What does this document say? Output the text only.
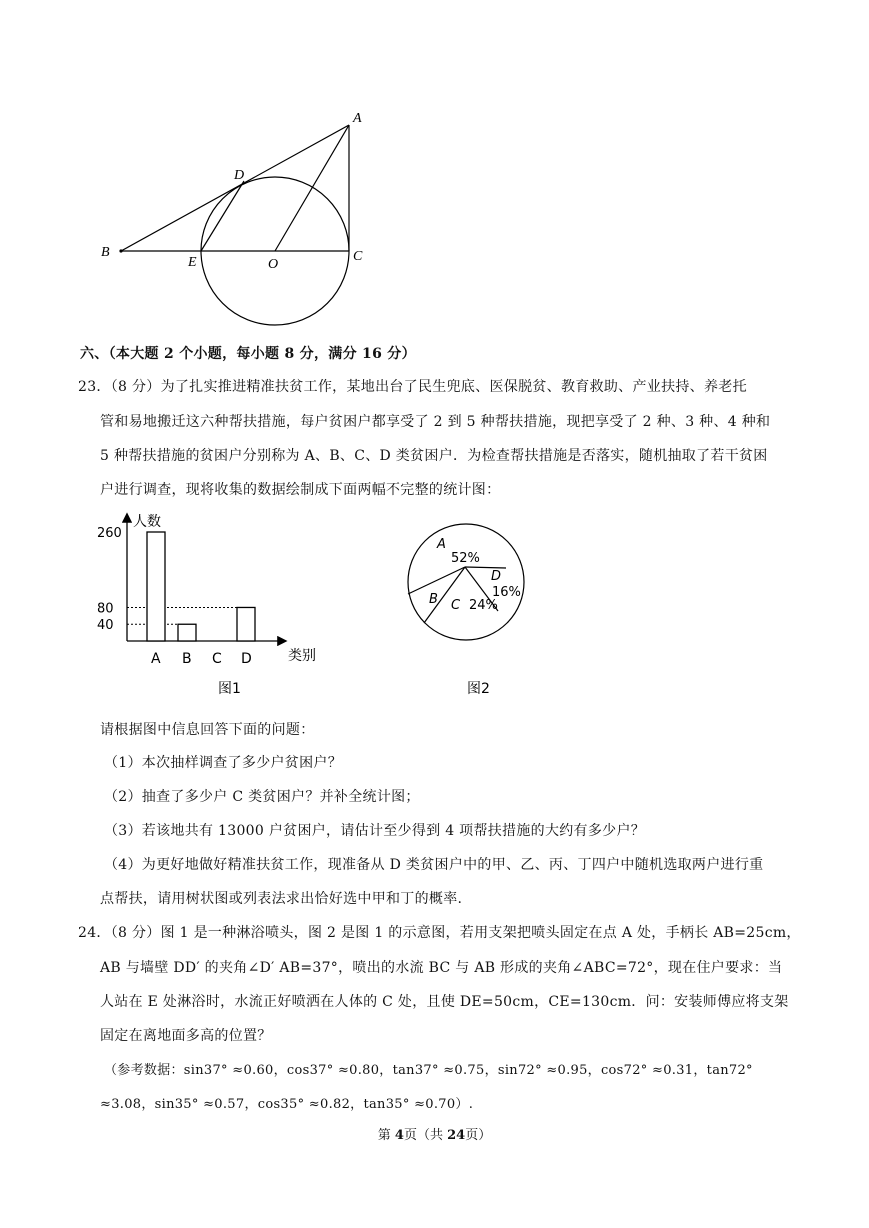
A
B	C
D
E	O
六、（本大题 2 个小题，每小题 8 分，满分 16 分）
23．（8 分）为了扎实推进精准扶贫工作，某地出台了民生兜底、医保脱贫、教育救助、产业扶持、养老托
管和易地搬迁这六种帮扶措施，每户贫困户都享受了 2 到 5 种帮扶措施，现把享受了 2 种、3 种、4 种和
5 种帮扶措施的贫困户分别称为 A、B、C、D 类贫困户．为检查帮扶措施是否落实，随机抽取了若干贫困
户进行调查，现将收集的数据绘制成下面两幅不完整的统计图：
人数
类别
40
80
260
A B C D
图1
A
52%
D
16%
C 24%
B
图2
请根据图中信息回答下面的问题：
（1）本次抽样调查了多少户贫困户？
（2）抽查了多少户 C 类贫困户？并补全统计图；
（3）若该地共有 13000 户贫困户，请估计至少得到 4 项帮扶措施的大约有多少户？
（4）为更好地做好精准扶贫工作，现准备从 D 类贫困户中的甲、乙、丙、丁四户中随机选取两户进行重
点帮扶，请用树状图或列表法求出恰好选中甲和丁的概率.
24．（8 分）图 1 是一种淋浴喷头，图 2 是图 1 的示意图，若用支架把喷头固定在点 A 处，手柄长 AB=25cm，
AB 与墙壁 DD′ 的夹角∠D′ AB=37°，喷出的水流 BC 与 AB 形成的夹角∠ABC=72°，现在住户要求：当
人站在 E 处淋浴时，水流正好喷洒在人体的 C 处，且使 DE=50cm，CE=130cm．问：安装师傅应将支架
固定在离地面多高的位置？
（参考数据：sin37° ≈0.60，cos37° ≈0.80，tan37° ≈0.75，sin72° ≈0.95，cos72° ≈0.31，tan72°
≈3.08，sin35° ≈0.57，cos35° ≈0.82，tan35° ≈0.70）.
第 4页（共 24页）
